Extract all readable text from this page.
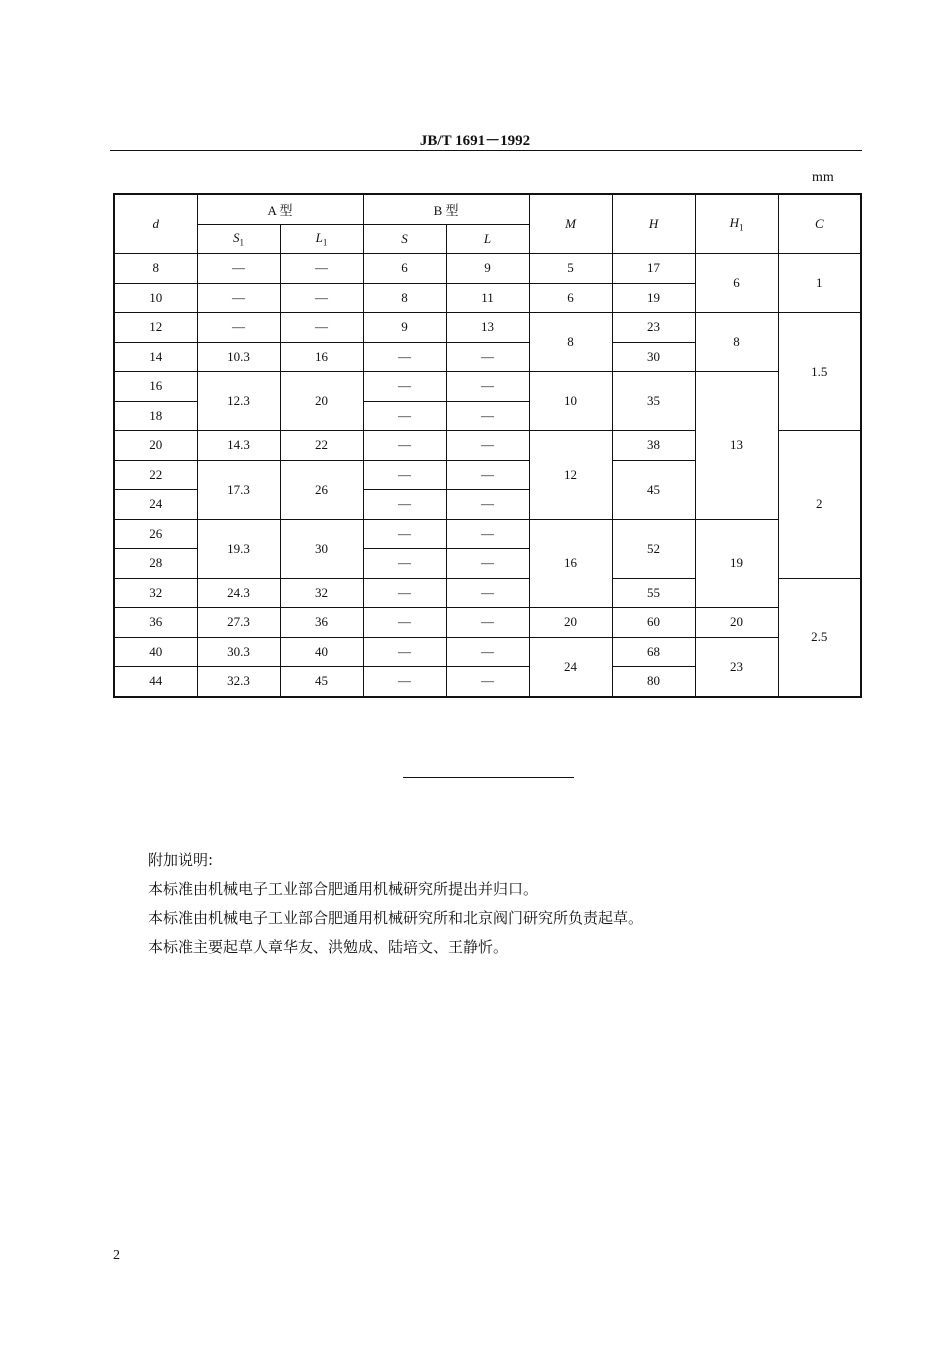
JB/T 1691－1992
mm
d	A 型		B 型		M	H	$H_1$	C
	$S_1$	$L_1$	S	L				
8	—	—	6	9	5	17	6	1
10	—	—	8	11	6	19		
12	—	—	9	13	8	23	8	1.5
14	10.3	16	—	—		30		
16	12.3	20	—	—	10	35	13	
18			—	—				
20	14.3	22	—	—	12	38		2
22	17.3	26	—	—		45		
24			—	—				
26	19.3	30	—	—	16	52	19	
28			—	—				
32	24.3	32	—	—		55		2.5
36	27.3	36	—	—	20	60	20	
40	30.3	40	—	—	24	68	23	
44	32.3	45	—	—		80		
附加说明:
本标准由机械电子工业部合肥通用机械研究所提出并归口。
本标准由机械电子工业部合肥通用机械研究所和北京阀门研究所负责起草。
本标准主要起草人章华友、洪勉成、陆培文、王静忻。
2
